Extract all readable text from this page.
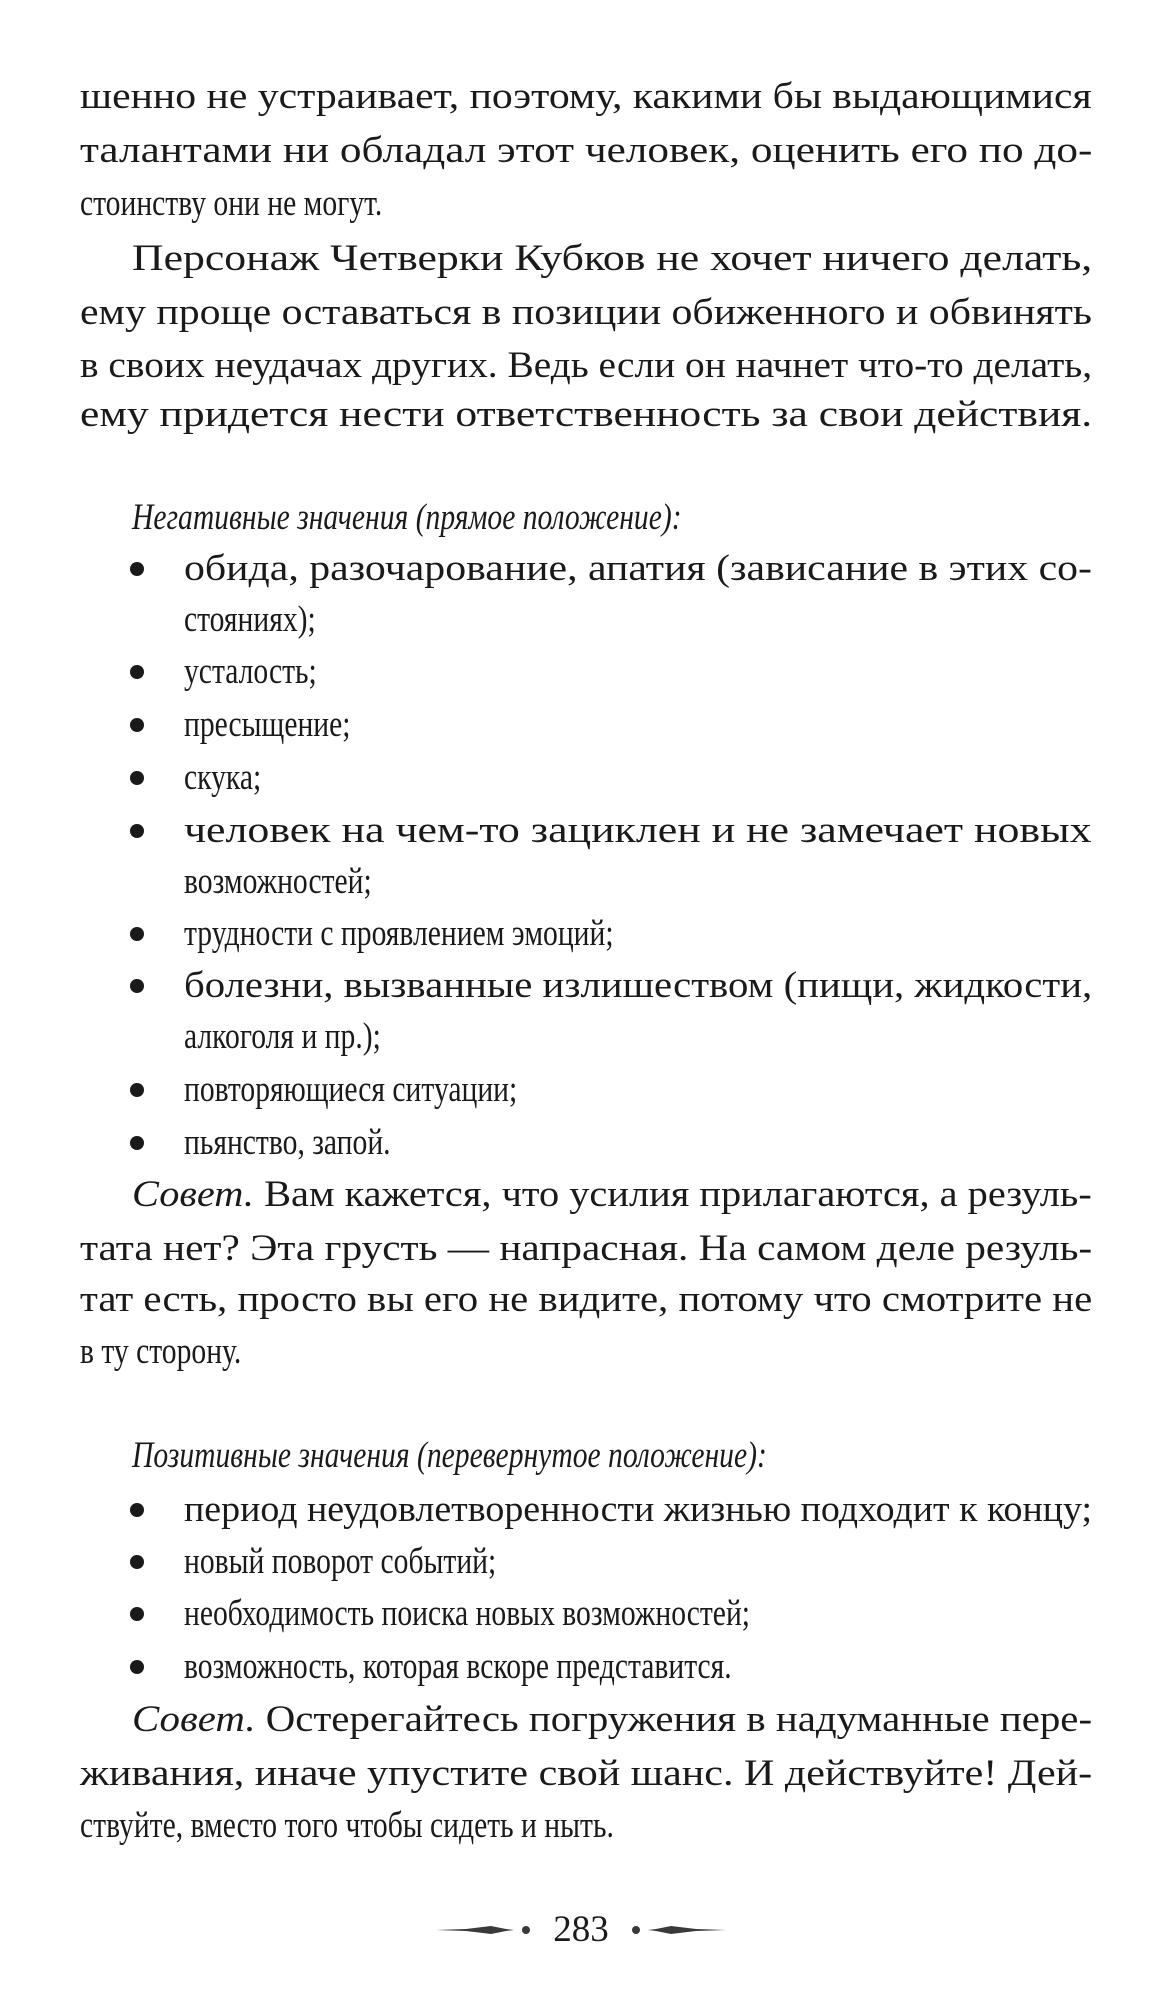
шенно не устраивает, поэтому, какими бы выдающимися
талантами ни обладал этот человек, оценить его по до-
стоинству они не могут.
Персонаж Четверки Кубков не хочет ничего делать,
ему проще оставаться в позиции обиженного и обвинять
в своих неудачах других. Ведь если он начнет что-то делать,
ему придется нести ответственность за свои действия.
Негативные значения (прямое положение):
обида, разочарование, апатия (зависание в этих со-
стояниях);
усталость;
пресыщение;
скука;
человек на чем-то зациклен и не замечает новых
возможностей;
трудности с проявлением эмоций;
болезни, вызванные излишеством (пищи, жидкости,
алкоголя и пр.);
повторяющиеся ситуации;
пьянство, запой.
Совет. Вам кажется, что усилия прилагаются, а резуль-
тата нет? Эта грусть — напрасная. На самом деле резуль-
тат есть, просто вы его не видите, потому что смотрите не
в ту сторону.
Позитивные значения (перевернутое положение):
период неудовлетворенности жизнью подходит к концу;
новый поворот событий;
необходимость поиска новых возможностей;
возможность, которая вскоре представится.
Совет. Остерегайтесь погружения в надуманные пере-
живания, иначе упустите свой шанс. И действуйте! Дей-
ствуйте, вместо того чтобы сидеть и ныть.
283
